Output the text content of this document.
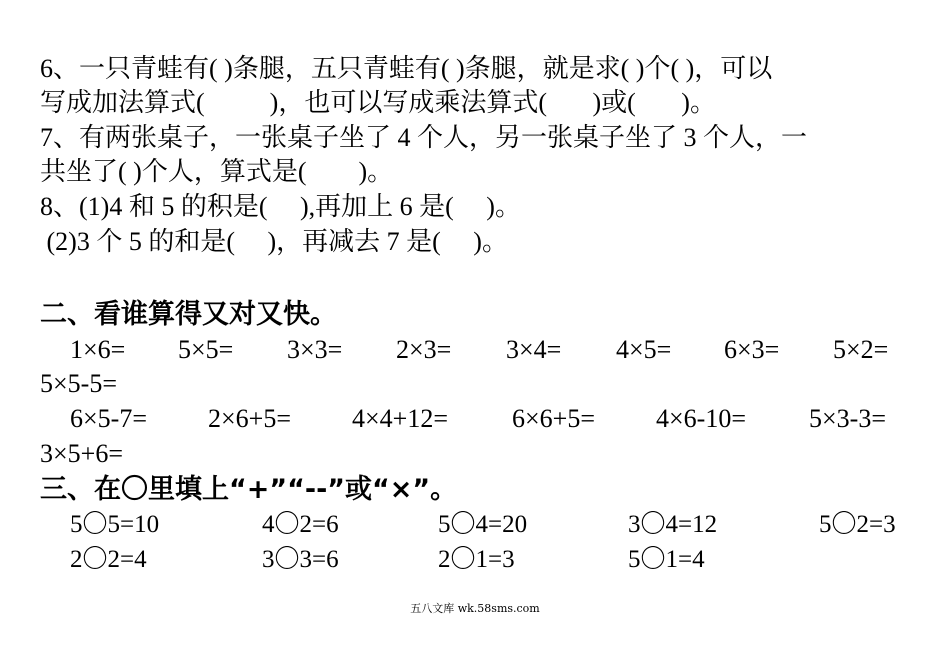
6、一只青蛙有( )条腿，五只青蛙有( )条腿，就是求( )个( )，可以
写成加法算式(          )，也可以写成乘法算式(       )或(       )。
7、有两张桌子，一张桌子坐了 4 个人，另一张桌子坐了 3 个人，一
共坐了( )个人，算式是(        )。
8、(1)4 和 5 的积是(     ),再加上 6 是(     )。
(2)3 个 5 的和是(     )，再减去 7 是(     )。
二、看谁算得又对又快。
1×6= 5×5= 3×3= 2×3= 3×4= 4×5= 6×3= 5×2=
5×5-5=
6×5-7= 2×6+5= 4×4+12= 6×6+5= 4×6-10= 5×3-3=
3×5+6=
三、在〇里填上“+”“--”或“×”。
5〇5=10	4〇2=6	5〇4=20	3〇4=12	5〇2=3
2〇2=4	3〇3=6	2〇1=3	5〇1=4
五八文库 wk.58sms.com
